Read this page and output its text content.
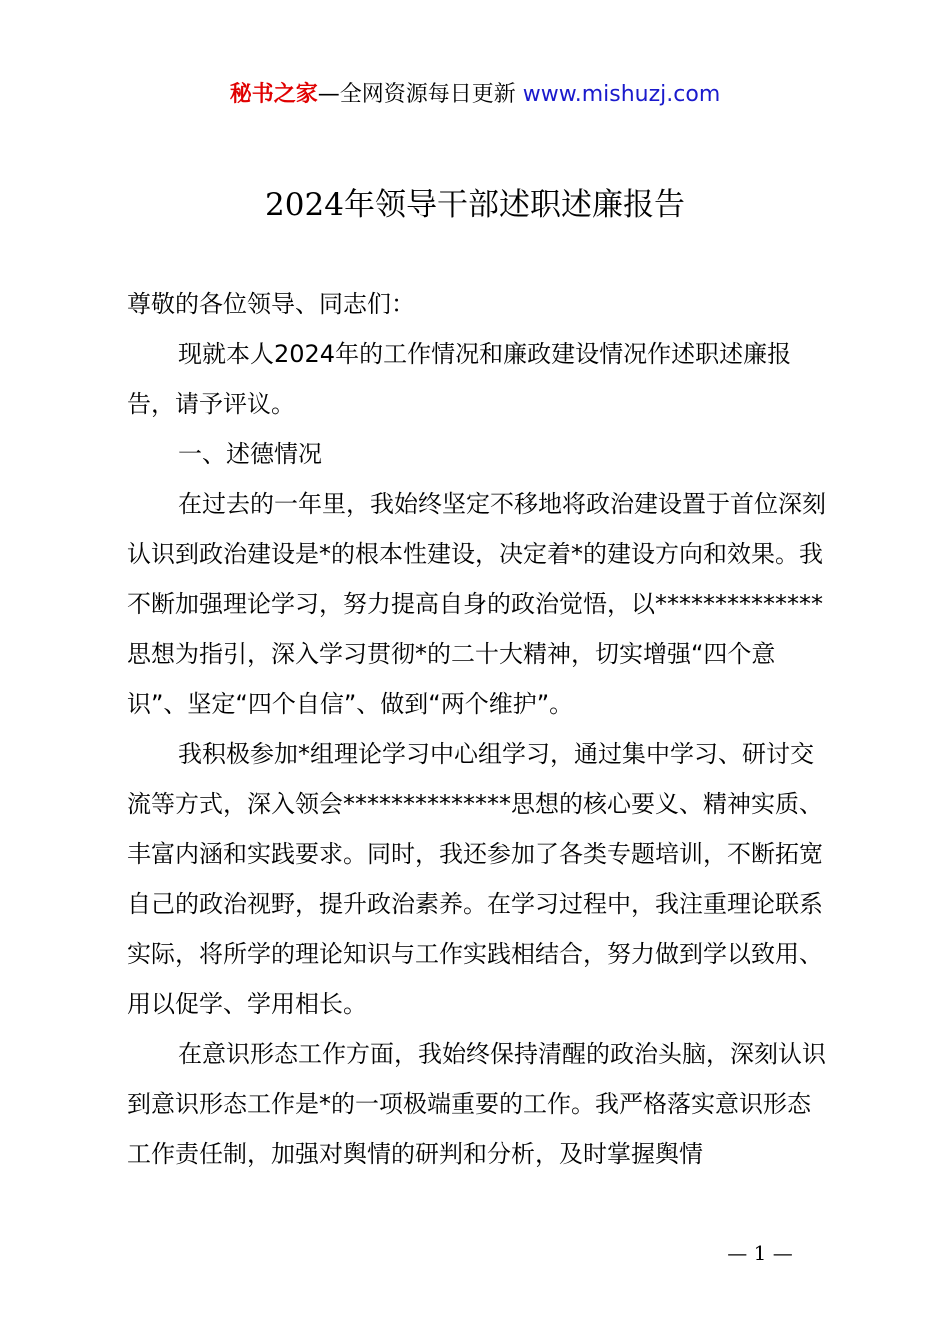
秘书之家—全网资源每日更新 www.mishuzj.com
2024年领导干部述职述廉报告

尊敬的各位领导、同志们：

现就本人2024年的工作情况和廉政建设情况作述职述廉报告，请予评议。

一、述德情况

在过去的一年里，我始终坚定不移地将政治建设置于首位深刻认识到政治建设是*的根本性建设，决定着*的建设方向和效果。我不断加强理论学习，努力提高自身的政治觉悟，以**************思想为指引，深入学习贯彻*的二十大精神，切实增强“四个意识”、坚定“四个自信”、做到“两个维护”。

我积极参加*组理论学习中心组学习，通过集中学习、研讨交流等方式，深入领会**************思想的核心要义、精神实质、丰富内涵和实践要求。同时，我还参加了各类专题培训，不断拓宽自己的政治视野，提升政治素养。在学习过程中，我注重理论联系实际，将所学的理论知识与工作实践相结合，努力做到学以致用、用以促学、学用相长。

在意识形态工作方面，我始终保持清醒的政治头脑，深刻认识到意识形态工作是*的一项极端重要的工作。我严格落实意识形态工作责任制，加强对舆情的研判和分析，及时掌握舆情

— 1 —
